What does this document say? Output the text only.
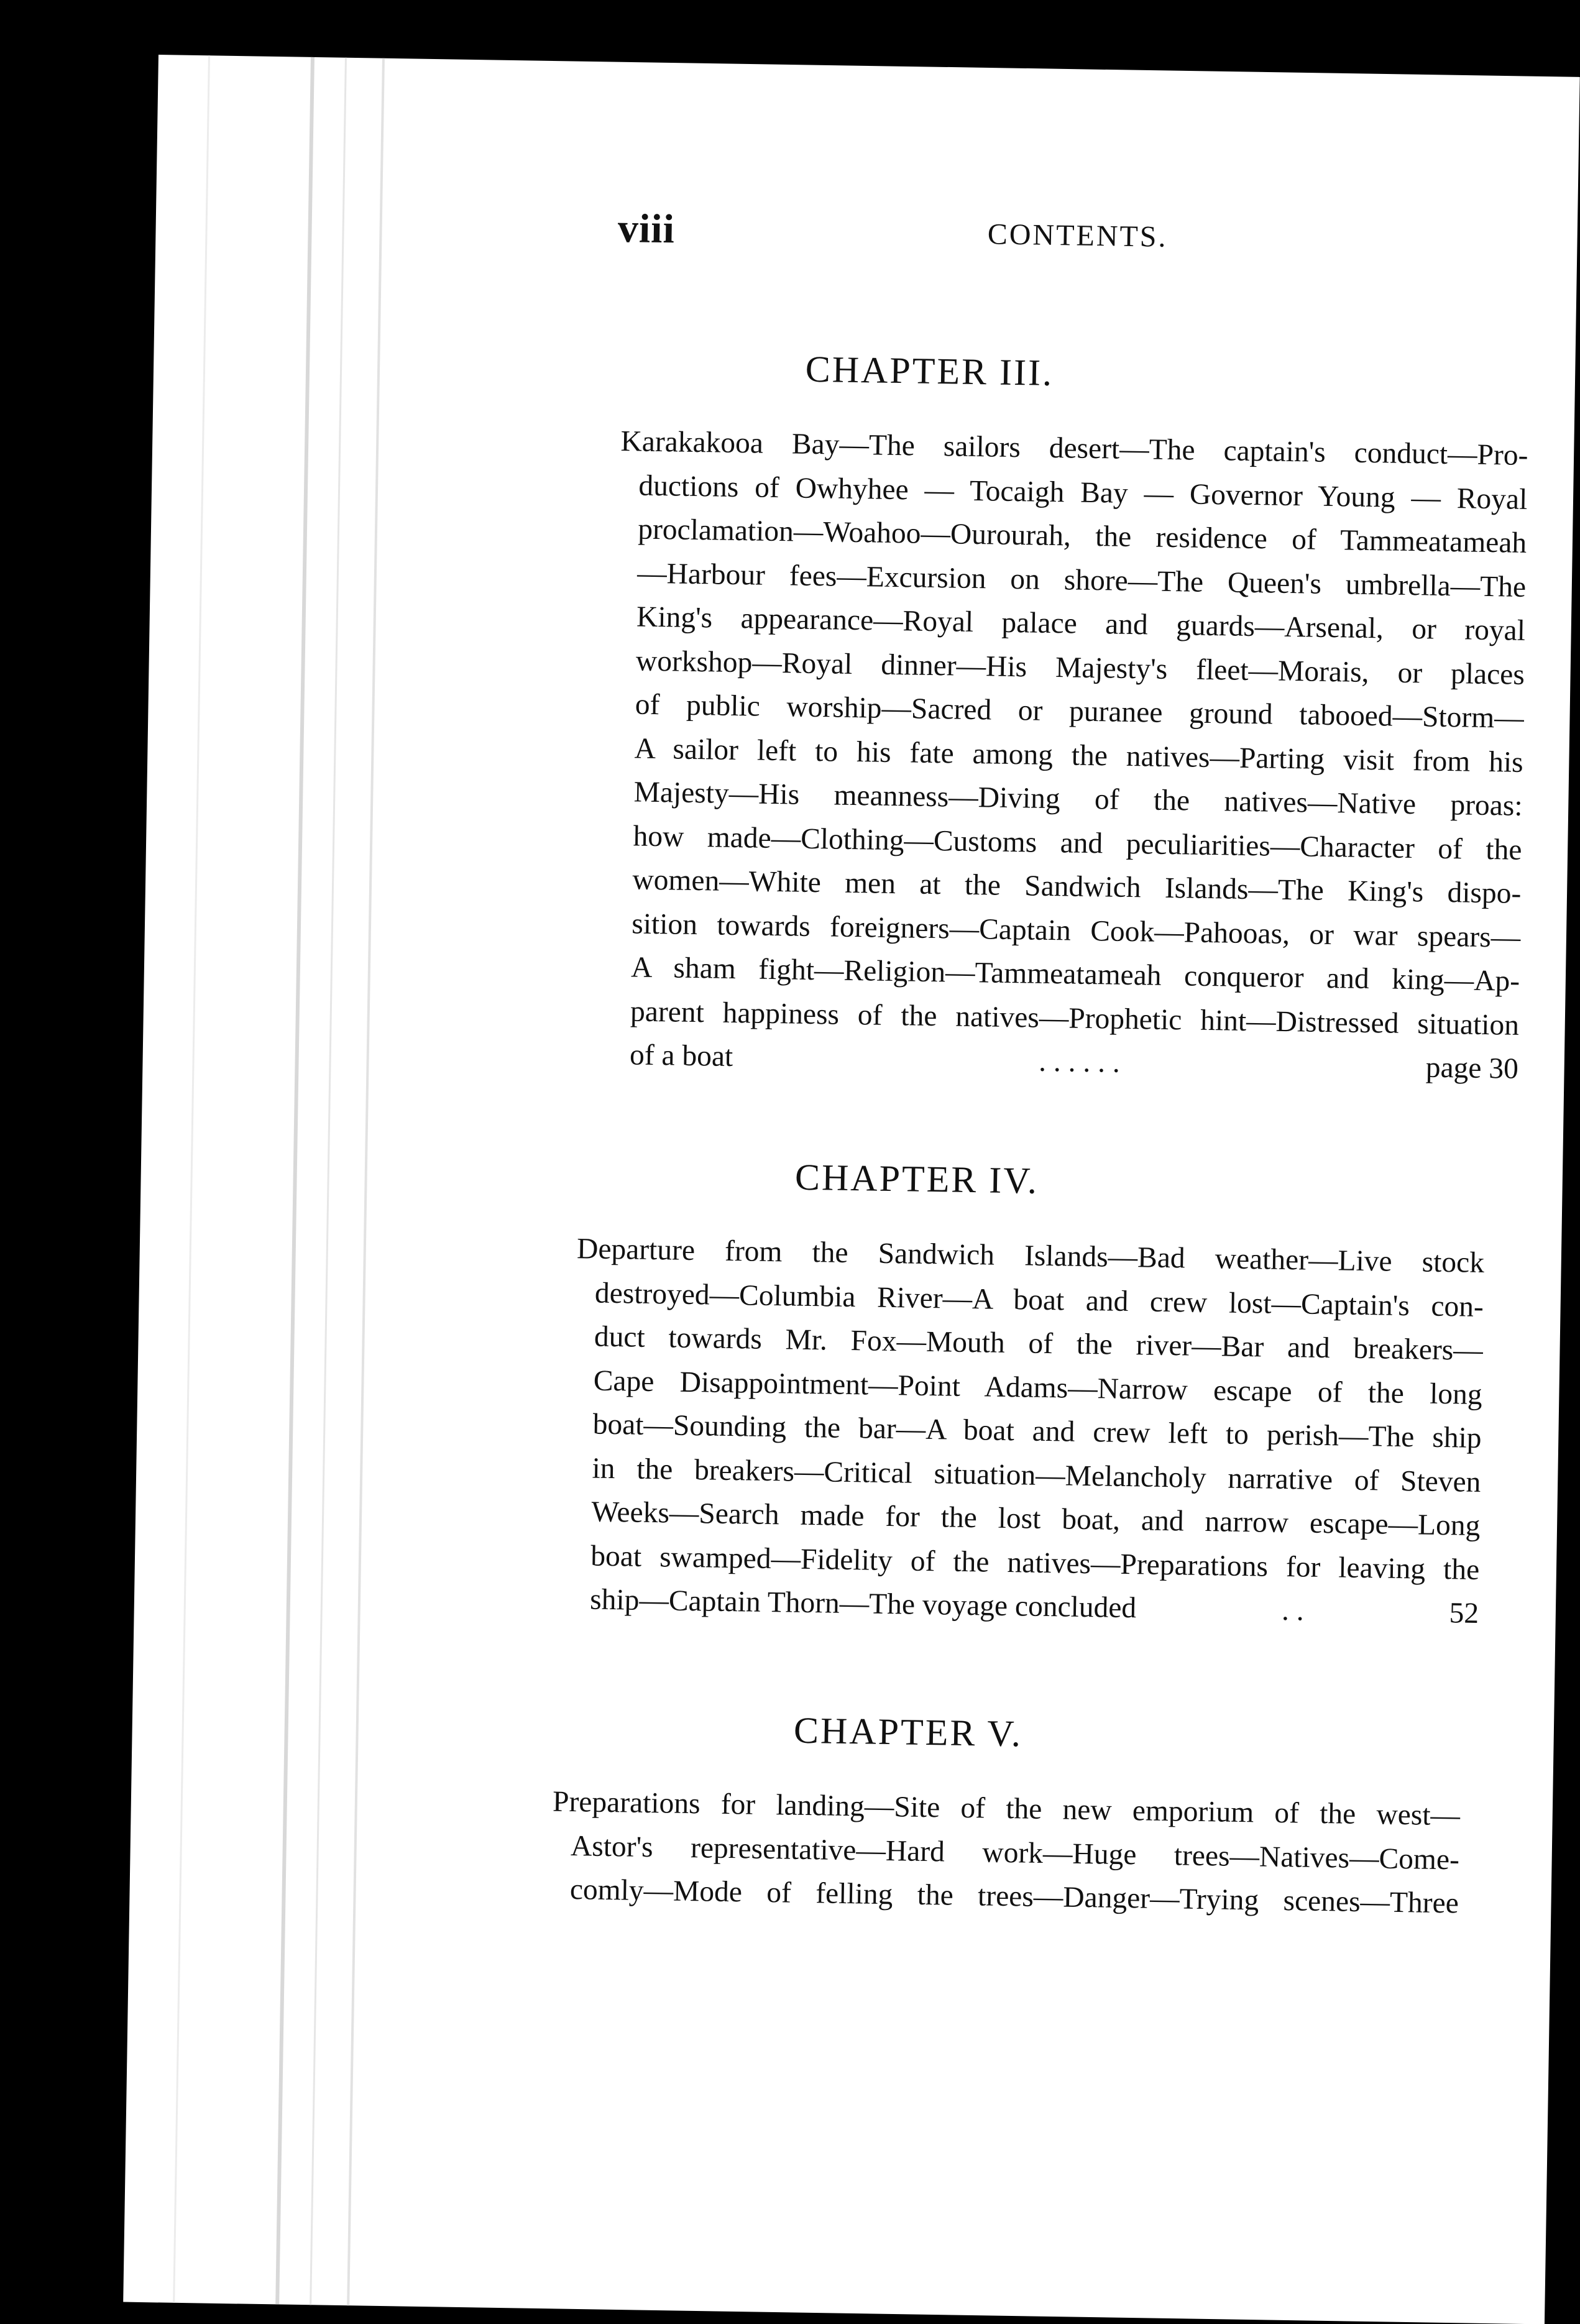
viii	CONTENTS.
CHAPTER III.
Karakakooa Bay—The sailors desert—The captain's conduct—Pro-
ductions of Owhyhee — Tocaigh Bay — Governor Young — Royal
proclamation—Woahoo—Ourourah, the residence of Tammeatameah
—Harbour fees—Excursion on shore—The Queen's umbrella—The
King's appearance—Royal palace and guards—Arsenal, or royal
workshop—Royal dinner—His Majesty's fleet—Morais, or places
of public worship—Sacred or puranee ground tabooed—Storm—
A sailor left to his fate among the natives—Parting visit from his
Majesty—His meanness—Diving of the natives—Native proas:
how made—Clothing—Customs and peculiarities—Character of the
women—White men at the Sandwich Islands—The King's dispo-
sition towards foreigners—Captain Cook—Pahooas, or war spears—
A sham fight—Religion—Tammeatameah conqueror and king—Ap-
parent happiness of the natives—Prophetic hint—Distressed situation
of a boat	. . . . . .	page 30
CHAPTER IV.
Departure from the Sandwich Islands—Bad weather—Live stock
destroyed—Columbia River—A boat and crew lost—Captain's con-
duct towards Mr. Fox—Mouth of the river—Bar and breakers—
Cape Disappointment—Point Adams—Narrow escape of the long
boat—Sounding the bar—A boat and crew left to perish—The ship
in the breakers—Critical situation—Melancholy narrative of Steven
Weeks—Search made for the lost boat, and narrow escape—Long
boat swamped—Fidelity of the natives—Preparations for leaving the
ship—Captain Thorn—The voyage concluded	. .	52
CHAPTER V.
Preparations for landing—Site of the new emporium of the west—
Astor's representative—Hard work—Huge trees—Natives—Come-
comly—Mode of felling the trees—Danger—Trying scenes—Three
